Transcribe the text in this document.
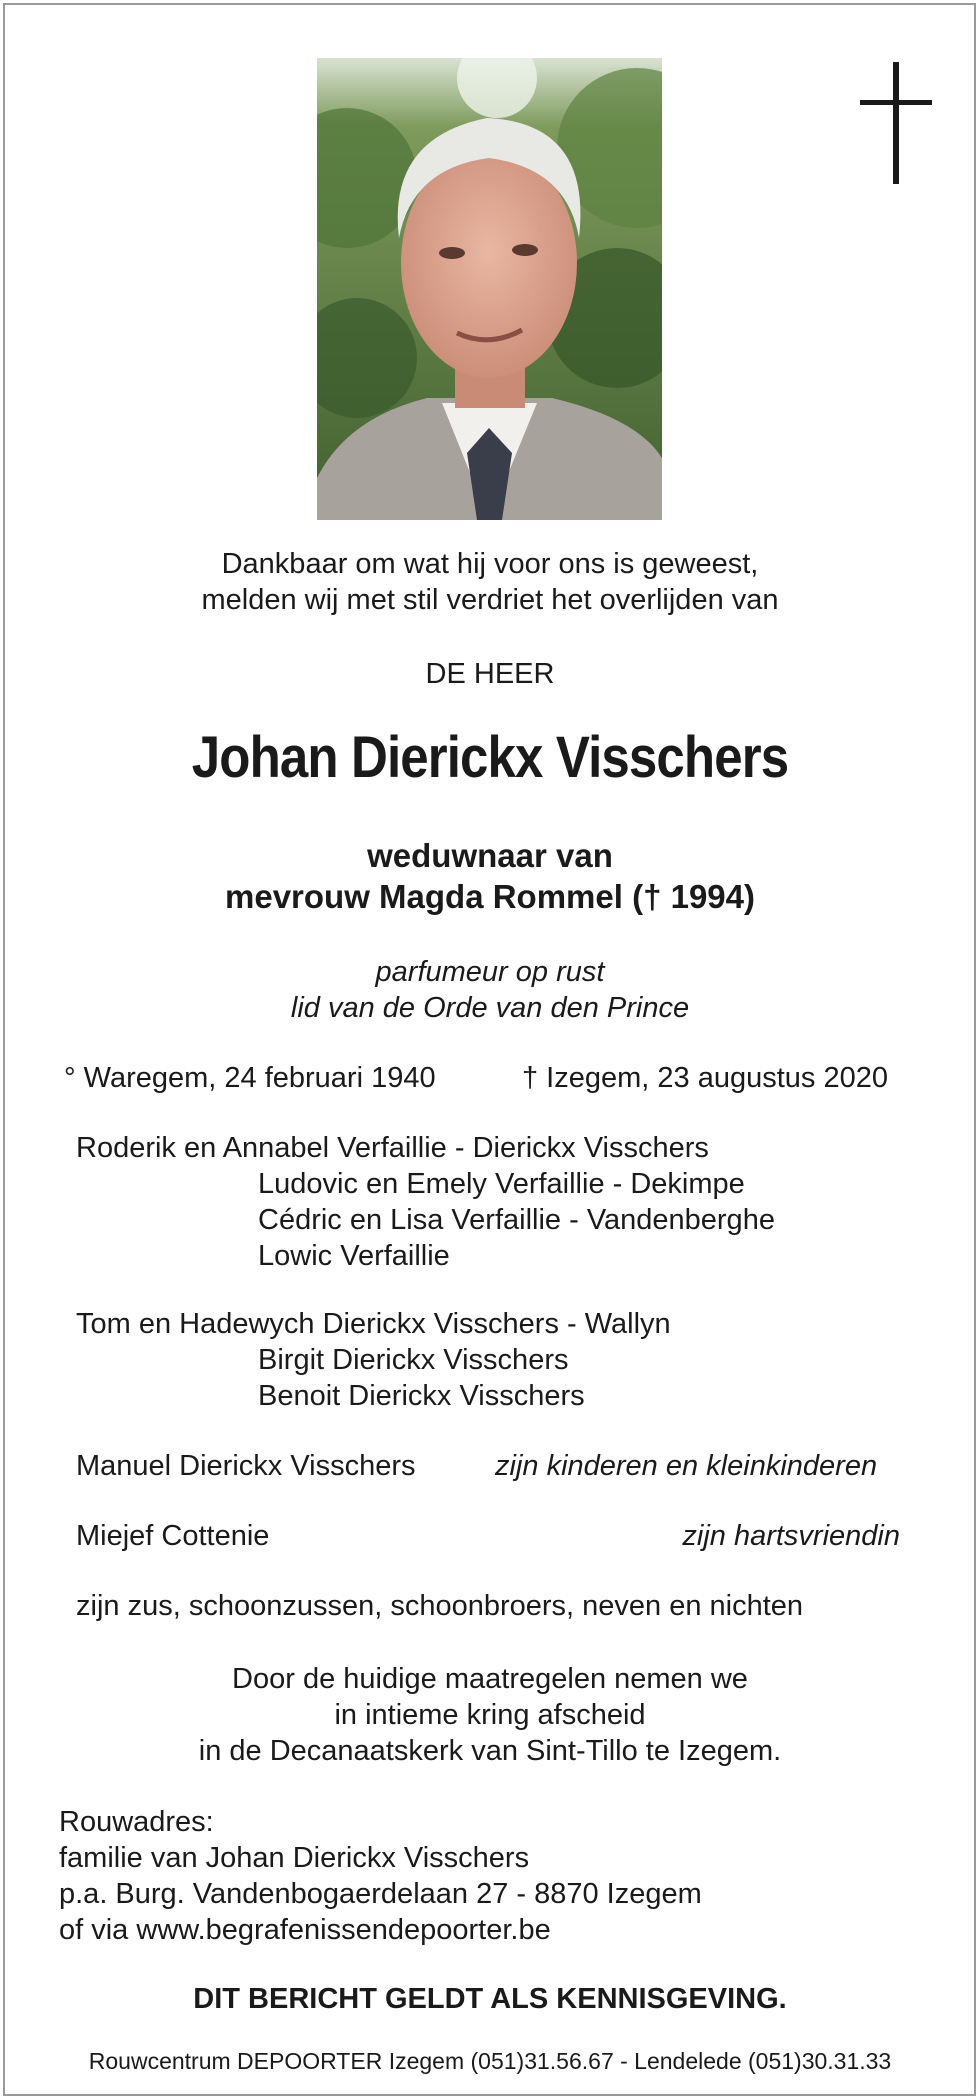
Dankbaar om wat hij voor ons is geweest,
melden wij met stil verdriet het overlijden van
DE HEER
Johan Dierickx Visschers
weduwnaar van
mevrouw Magda Rommel († 1994)
parfumeur op rust
lid van de Orde van den Prince
° Waregem, 24 februari 1940	† Izegem, 23 augustus 2020
Roderik en Annabel Verfaillie - Dierickx Visschers
Ludovic en Emely Verfaillie - Dekimpe
Cédric en Lisa Verfaillie - Vandenberghe
Lowic Verfaillie
Tom en Hadewych Dierickx Visschers - Wallyn
Birgit Dierickx Visschers
Benoit Dierickx Visschers
Manuel Dierickx Visschers	zijn kinderen en kleinkinderen
Miejef Cottenie	zijn hartsvriendin
zijn zus, schoonzussen, schoonbroers, neven en nichten
Door de huidige maatregelen nemen we
in intieme kring afscheid
in de Decanaatskerk van Sint-Tillo te Izegem.
Rouwadres:
familie van Johan Dierickx Visschers
p.a. Burg. Vandenbogaerdelaan 27 - 8870 Izegem
of via www.begrafenissendepoorter.be
DIT BERICHT GELDT ALS KENNISGEVING.
Rouwcentrum DEPOORTER Izegem (051)31.56.67 - Lendelede (051)30.31.33
